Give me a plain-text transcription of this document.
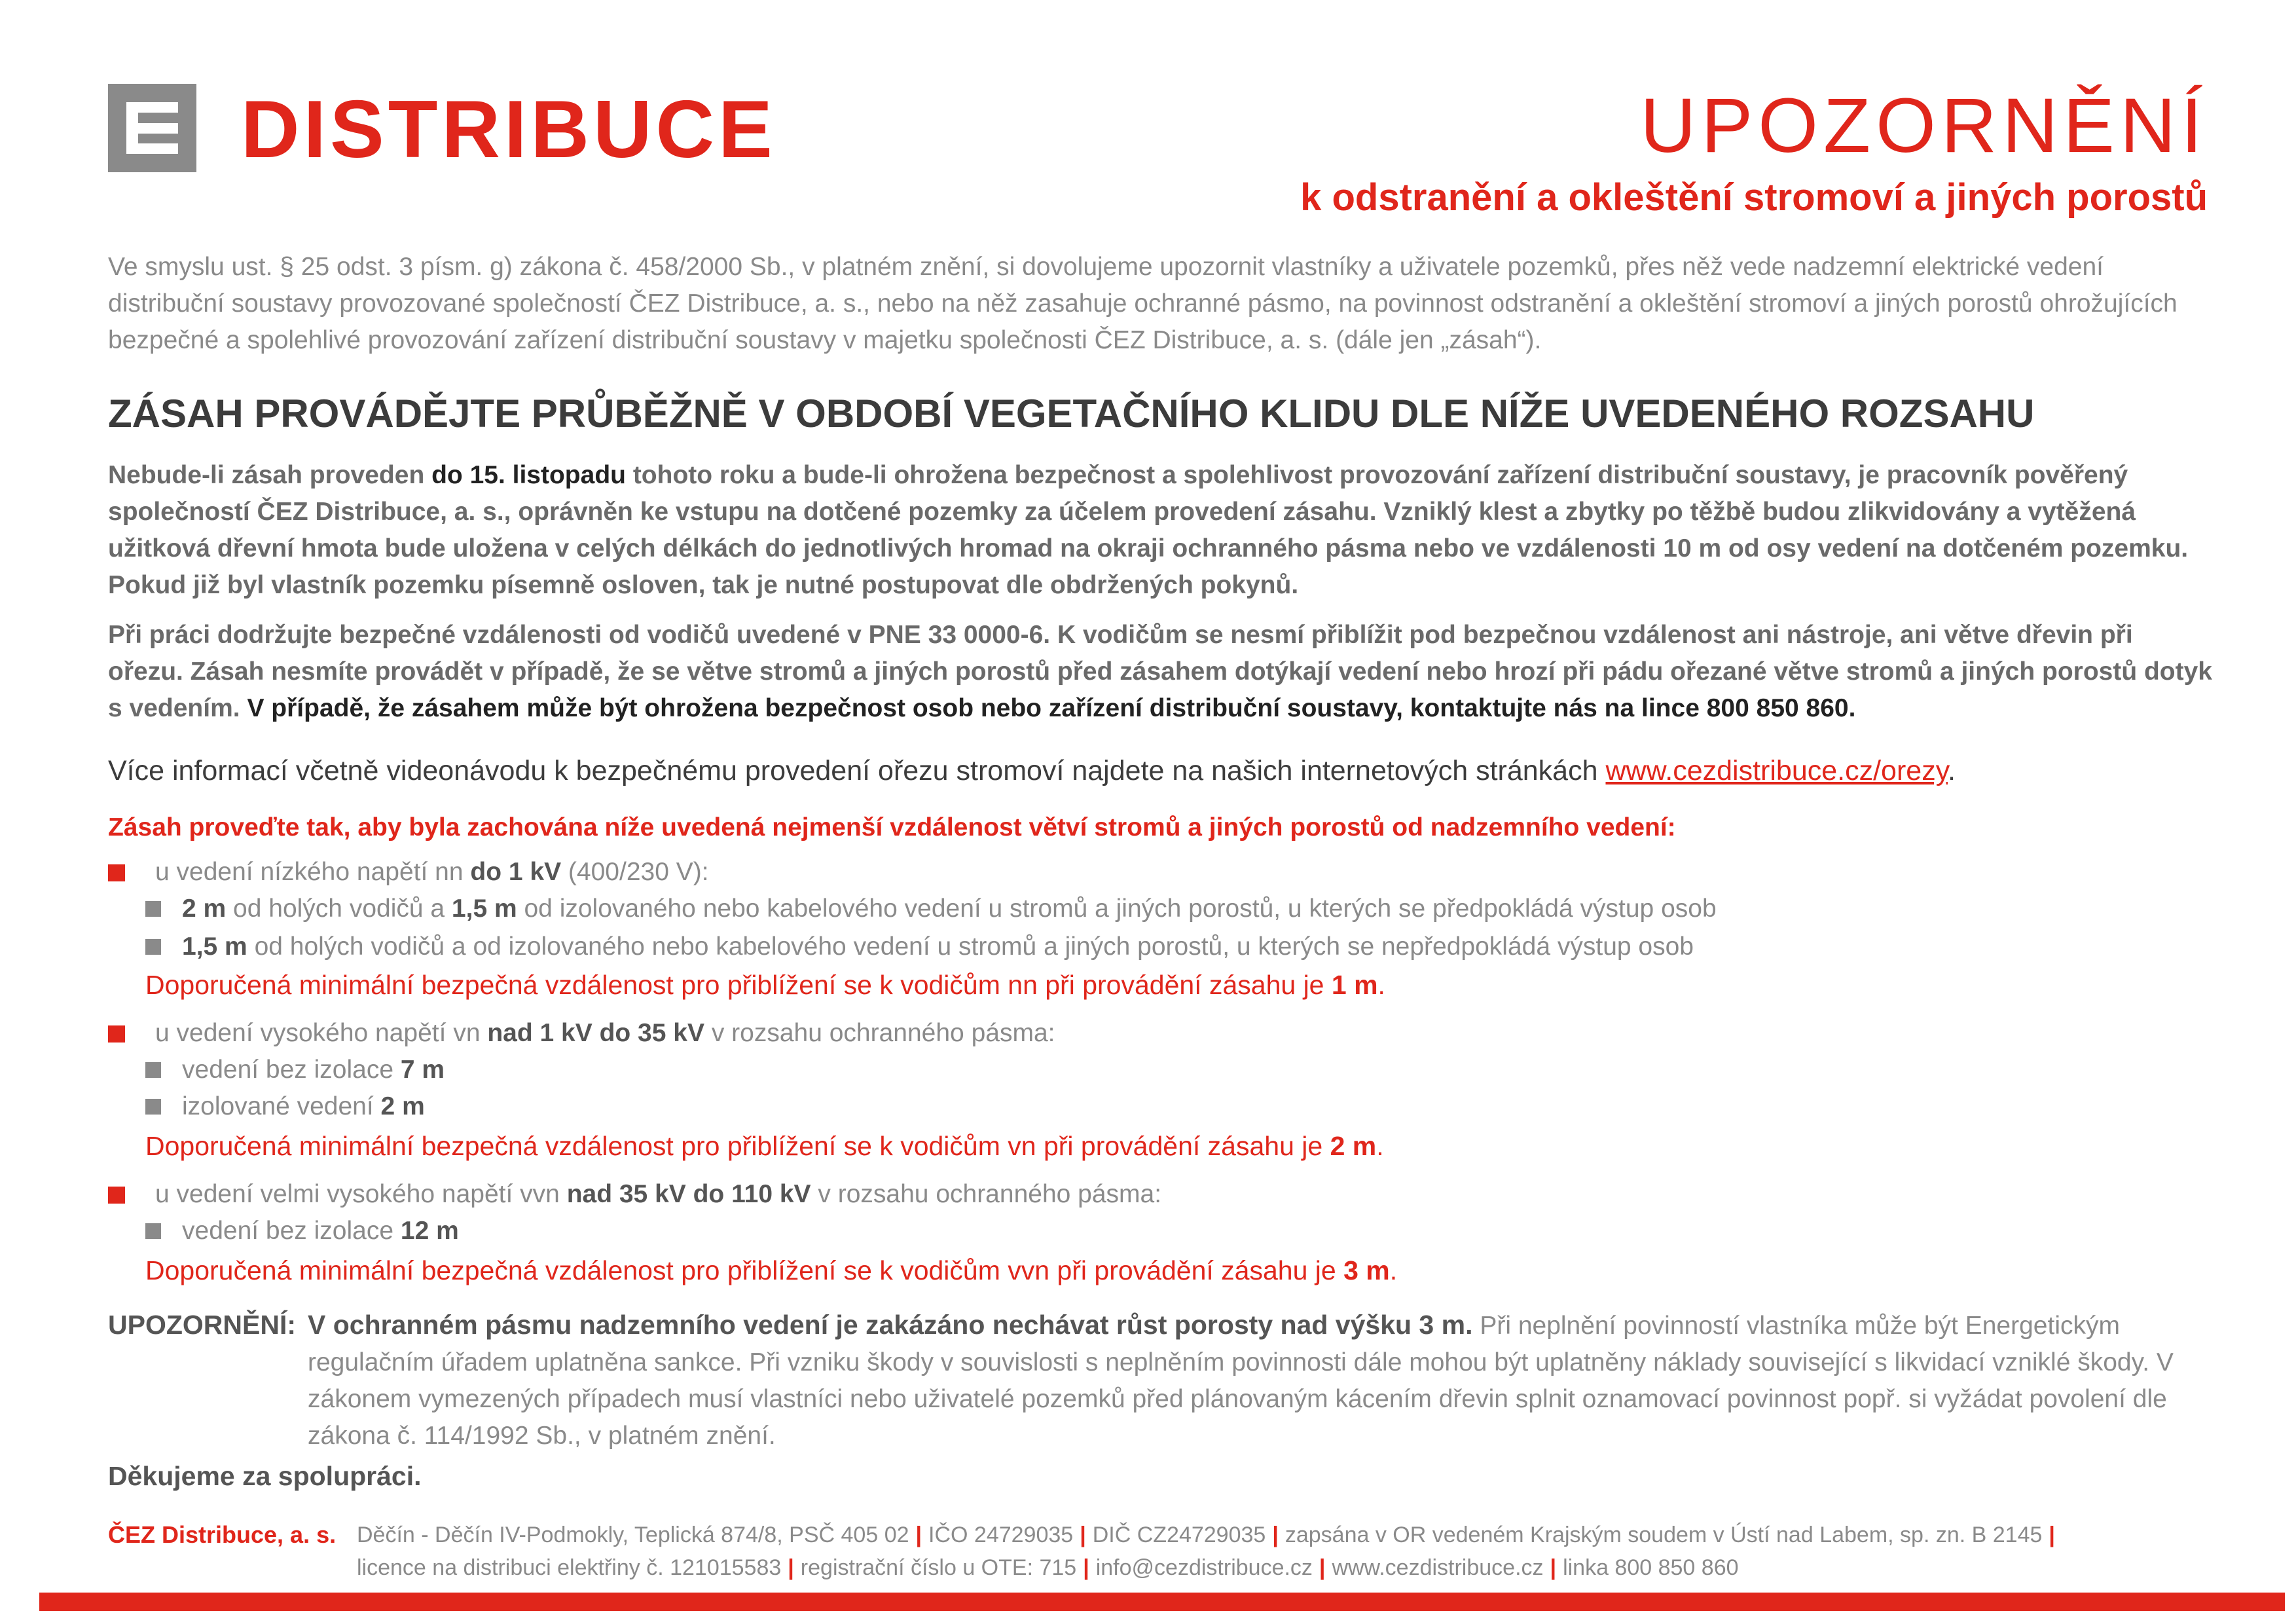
DISTRIBUCE	UPOZORNĚNÍ
k odstranění a okleštění stromoví a jiných porostů
Ve smyslu ust. § 25 odst. 3 písm. g) zákona č. 458/2000 Sb., v platném znění, si dovolujeme upozornit vlastníky a uživatele pozemků, přes něž vede nadzemní elektrické vedení distribuční soustavy provozované společností ČEZ Distribuce, a. s., nebo na něž zasahuje ochranné pásmo, na povinnost odstranění a okleštění stromoví a jiných porostů ohrožujících bezpečné a spolehlivé provozování zařízení distribuční soustavy v majetku společnosti ČEZ Distribuce, a. s. (dále jen „zásah“).
ZÁSAH PROVÁDĚJTE PRŮBĚŽNĚ V OBDOBÍ VEGETAČNÍHO KLIDU DLE NÍŽE UVEDENÉHO ROZSAHU
Nebude-li zásah proveden do 15. listopadu tohoto roku a bude-li ohrožena bezpečnost a spolehlivost provozování zařízení distribuční soustavy, je pracovník pověřený společností ČEZ Distribuce, a. s., oprávněn ke vstupu na dotčené pozemky za účelem provedení zásahu. Vzniklý klest a zbytky po těžbě budou zlikvidovány a vytěžená užitková dřevní hmota bude uložena v celých délkách do jednotlivých hromad na okraji ochranného pásma nebo ve vzdálenosti 10 m od osy vedení na dotčeném pozemku. Pokud již byl vlastník pozemku písemně osloven, tak je nutné postupovat dle obdržených pokynů.
Při práci dodržujte bezpečné vzdálenosti od vodičů uvedené v PNE 33 0000-6. K vodičům se nesmí přiblížit pod bezpečnou vzdálenost ani nástroje, ani větve dřevin při ořezu. Zásah nesmíte provádět v případě, že se větve stromů a jiných porostů před zásahem dotýkají vedení nebo hrozí při pádu ořezané větve stromů a jiných porostů dotyk s vedením. V případě, že zásahem může být ohrožena bezpečnost osob nebo zařízení distribuční soustavy, kontaktujte nás na lince 800 850 860.
Více informací včetně videonávodu k bezpečnému provedení ořezu stromoví najdete na našich internetových stránkách www.cezdistribuce.cz/orezy.
Zásah proveďte tak, aby byla zachována níže uvedená nejmenší vzdálenost větví stromů a jiných porostů od nadzemního vedení:
u vedení nízkého napětí nn do 1 kV (400/230 V):
2 m od holých vodičů a 1,5 m od izolovaného nebo kabelového vedení u stromů a jiných porostů, u kterých se předpokládá výstup osob
1,5 m od holých vodičů a od izolovaného nebo kabelového vedení u stromů a jiných porostů, u kterých se nepředpokládá výstup osob
Doporučená minimální bezpečná vzdálenost pro přiblížení se k vodičům nn při provádění zásahu je 1 m.
u vedení vysokého napětí vn nad 1 kV do 35 kV v rozsahu ochranného pásma:
vedení bez izolace 7 m
izolované vedení 2 m
Doporučená minimální bezpečná vzdálenost pro přiblížení se k vodičům vn při provádění zásahu je 2 m.
u vedení velmi vysokého napětí vvn nad 35 kV do 110 kV v rozsahu ochranného pásma:
vedení bez izolace 12 m
Doporučená minimální bezpečná vzdálenost pro přiblížení se k vodičům vvn při provádění zásahu je 3 m.
UPOZORNĚNÍ: V ochranném pásmu nadzemního vedení je zakázáno nechávat růst porosty nad výšku 3 m. Při neplnění povinností vlastníka může být Energetickým regulačním úřadem uplatněna sankce. Při vzniku škody v souvislosti s neplněním povinnosti dále mohou být uplatněny náklady související s likvidací vzniklé škody. V zákonem vymezených případech musí vlastníci nebo uživatelé pozemků před plánovaným kácením dřevin splnit oznamovací povinnost popř. si vyžádat povolení dle zákona č. 114/1992 Sb., v platném znění.
Děkujeme za spolupráci.
ČEZ Distribuce, a. s. Děčín - Děčín IV-Podmokly, Teplická 874/8, PSČ 405 02 | IČO 24729035 | DIČ CZ24729035 | zapsána v OR vedeném Krajským soudem v Ústí nad Labem, sp. zn. B 2145 |
licence na distribuci elektřiny č. 121015583 | registrační číslo u OTE: 715 | info@cezdistribuce.cz | www.cezdistribuce.cz | linka 800 850 860
